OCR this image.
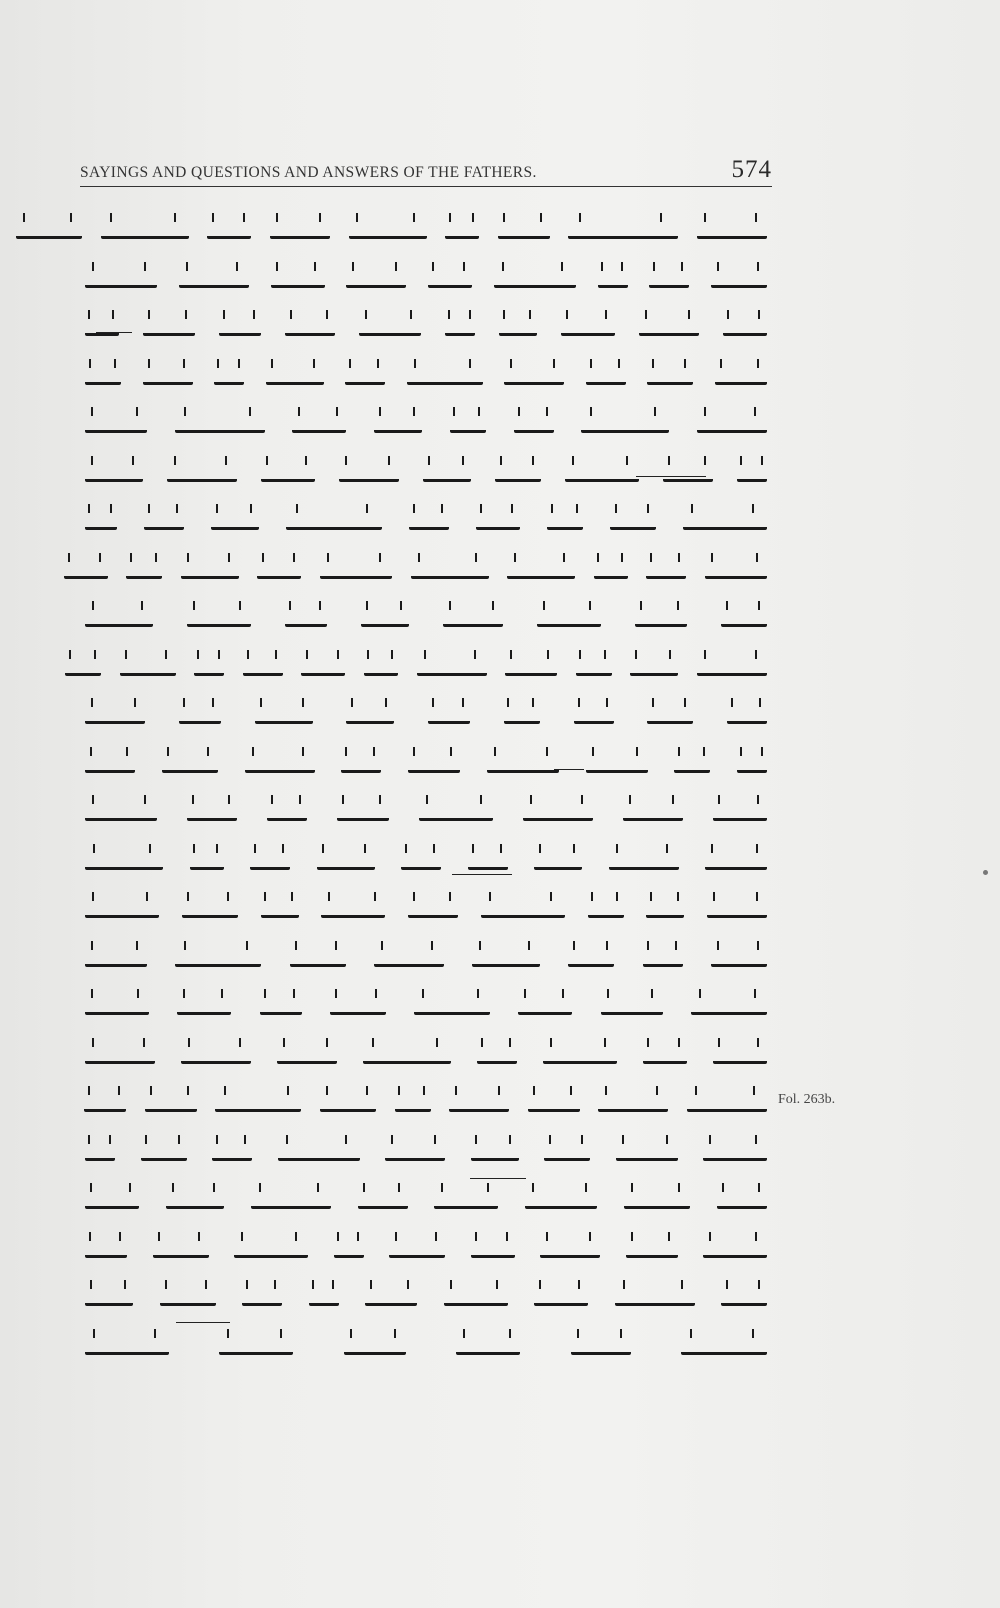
SAYINGS AND QUESTIONS AND ANSWERS OF THE FATHERS.	574

Fol. 263b.
